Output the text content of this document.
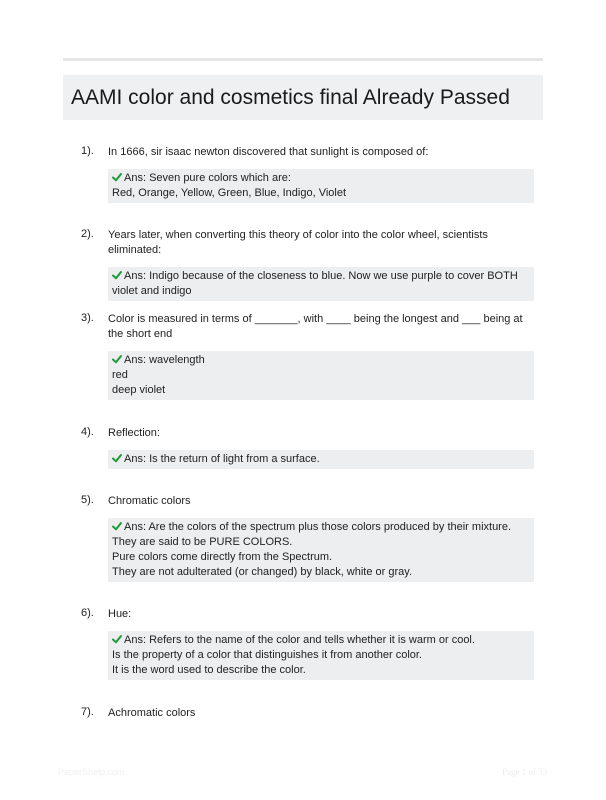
AAMI color and cosmetics final Already Passed
1). In 1666, sir isaac newton discovered that sunlight is composed of:
Ans: Seven pure colors which are:
Red, Orange, Yellow, Green, Blue, Indigo, Violet
2). Years later, when converting this theory of color into the color wheel, scientists eliminated:
Ans: Indigo because of the closeness to blue. Now we use purple to cover BOTH
violet and indigo
3). Color is measured in terms of _______, with ____ being the longest and ___ being at the short end
Ans: wavelength
red
deep violet
4). Reflection:
Ans: Is the return of light from a surface.
5). Chromatic colors
Ans: Are the colors of the spectrum plus those colors produced by their mixture.
They are said to be PURE COLORS.
Pure colors come directly from the Spectrum.
They are not adulterated (or changed) by black, white or gray.
6). Hue:
Ans: Refers to the name of the color and tells whether it is warm or cool.
Is the property of a color that distinguishes it from another color.
It is the word used to describe the color.
7). Achromatic colors
PaperShelp.com	Page 1 of 33
